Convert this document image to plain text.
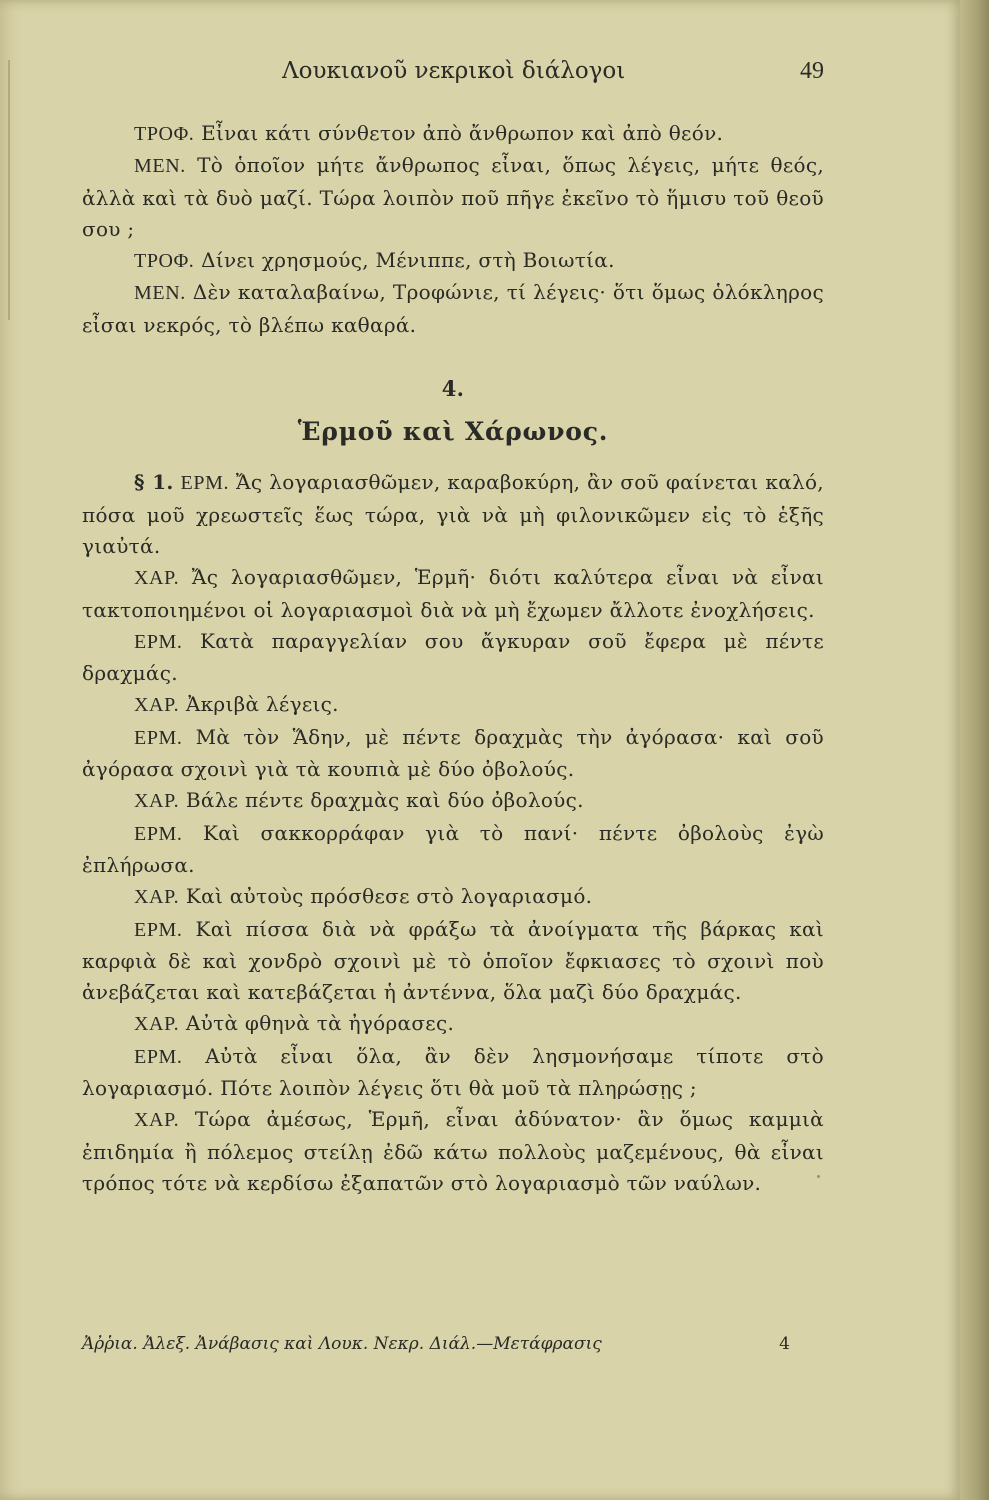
Λουκιανοῦ νεκρικοὶ διάλογοι	49

ΤΡΟΦ. Εἶναι κάτι σύνθετον ἀπὸ ἄνθρωπον καὶ ἀπὸ θεόν.

ΜΕΝ. Τὸ ὁποῖον μήτε ἄνθρωπος εἶναι, ὅπως λέγεις, μήτε θεός, ἀλλὰ καὶ τὰ δυὸ μαζί. Τώρα λοιπὸν ποῦ πῆγε ἐκεῖνο τὸ ἥμισυ τοῦ θεοῦ σου ;

ΤΡΟΦ. Δίνει χρησμούς, Μένιππε, στὴ Βοιωτία.

ΜΕΝ. Δὲν καταλαβαίνω, Τροφώνιε, τί λέγεις· ὅτι ὅμως ὁλόκληρος εἶσαι νεκρός, τὸ βλέπω καθαρά.

4.
Ἑρμοῦ καὶ Χάρωνος.

§ 1. ΕΡΜ. Ἄς λογαριασθῶμεν, καραβοκύρη, ἂν σοῦ φαίνεται καλό, πόσα μοῦ χρεωστεῖς ἕως τώρα, γιὰ νὰ μὴ φιλονικῶμεν εἰς τὸ ἑξῆς γιαὐτά.

ΧΑΡ. Ἄς λογαριασθῶμεν, Ἑρμῆ· διότι καλύτερα εἶναι νὰ εἶναι τακτοποιημένοι οἱ λογαριασμοὶ διὰ νὰ μὴ ἔχωμεν ἄλλοτε ἐνοχλήσεις.

ΕΡΜ. Κατὰ παραγγελίαν σου ἄγκυραν σοῦ ἔφερα μὲ πέντε δραχμάς.

ΧΑΡ. Ἀκριβὰ λέγεις.

ΕΡΜ. Μὰ τὸν Ἅδην, μὲ πέντε δραχμὰς τὴν ἀγόρασα· καὶ σοῦ ἀγόρασα σχοινὶ γιὰ τὰ κουπιὰ μὲ δύο ὀβολούς.

ΧΑΡ. Βάλε πέντε δραχμὰς καὶ δύο ὀβολούς.

ΕΡΜ. Καὶ σακκορράφαν γιὰ τὸ πανί· πέντε ὀβολοὺς ἐγὼ ἐπλήρωσα.

ΧΑΡ. Καὶ αὐτοὺς πρόσθεσε στὸ λογαριασμό.

ΕΡΜ. Καὶ πίσσα διὰ νὰ φράξω τὰ ἀνοίγματα τῆς βάρκας καὶ καρφιὰ δὲ καὶ χονδρὸ σχοινὶ μὲ τὸ ὁποῖον ἔφκιασες τὸ σχοινὶ ποὺ ἀνεβάζεται καὶ κατεβάζεται ἡ ἀντέννα, ὅλα μαζὶ δύο δραχμάς.

ΧΑΡ. Αὐτὰ φθηνὰ τὰ ἠγόρασες.

ΕΡΜ. Αὐτὰ εἶναι ὅλα, ἂν δὲν λησμονήσαμε τίποτε στὸ λογαριασμό. Πότε λοιπὸν λέγεις ὅτι θὰ μοῦ τὰ πληρώσῃς ;

ΧΑΡ. Τώρα ἀμέσως, Ἑρμῆ, εἶναι ἀδύνατον· ἂν ὅμως καμμιὰ ἐπιδημία ἢ πόλεμος στείλῃ ἐδῶ κάτω πολλοὺς μαζεμένους, θὰ εἶναι τρόπος τότε νὰ κερδίσω ἐξαπατῶν στὸ λογαριασμὸ τῶν ναύλων.

Ἀῤῥια. Ἀλεξ. Ἀνάβασις καὶ Λουκ. Νεκρ. Διάλ.—Μετάφρασις	4
